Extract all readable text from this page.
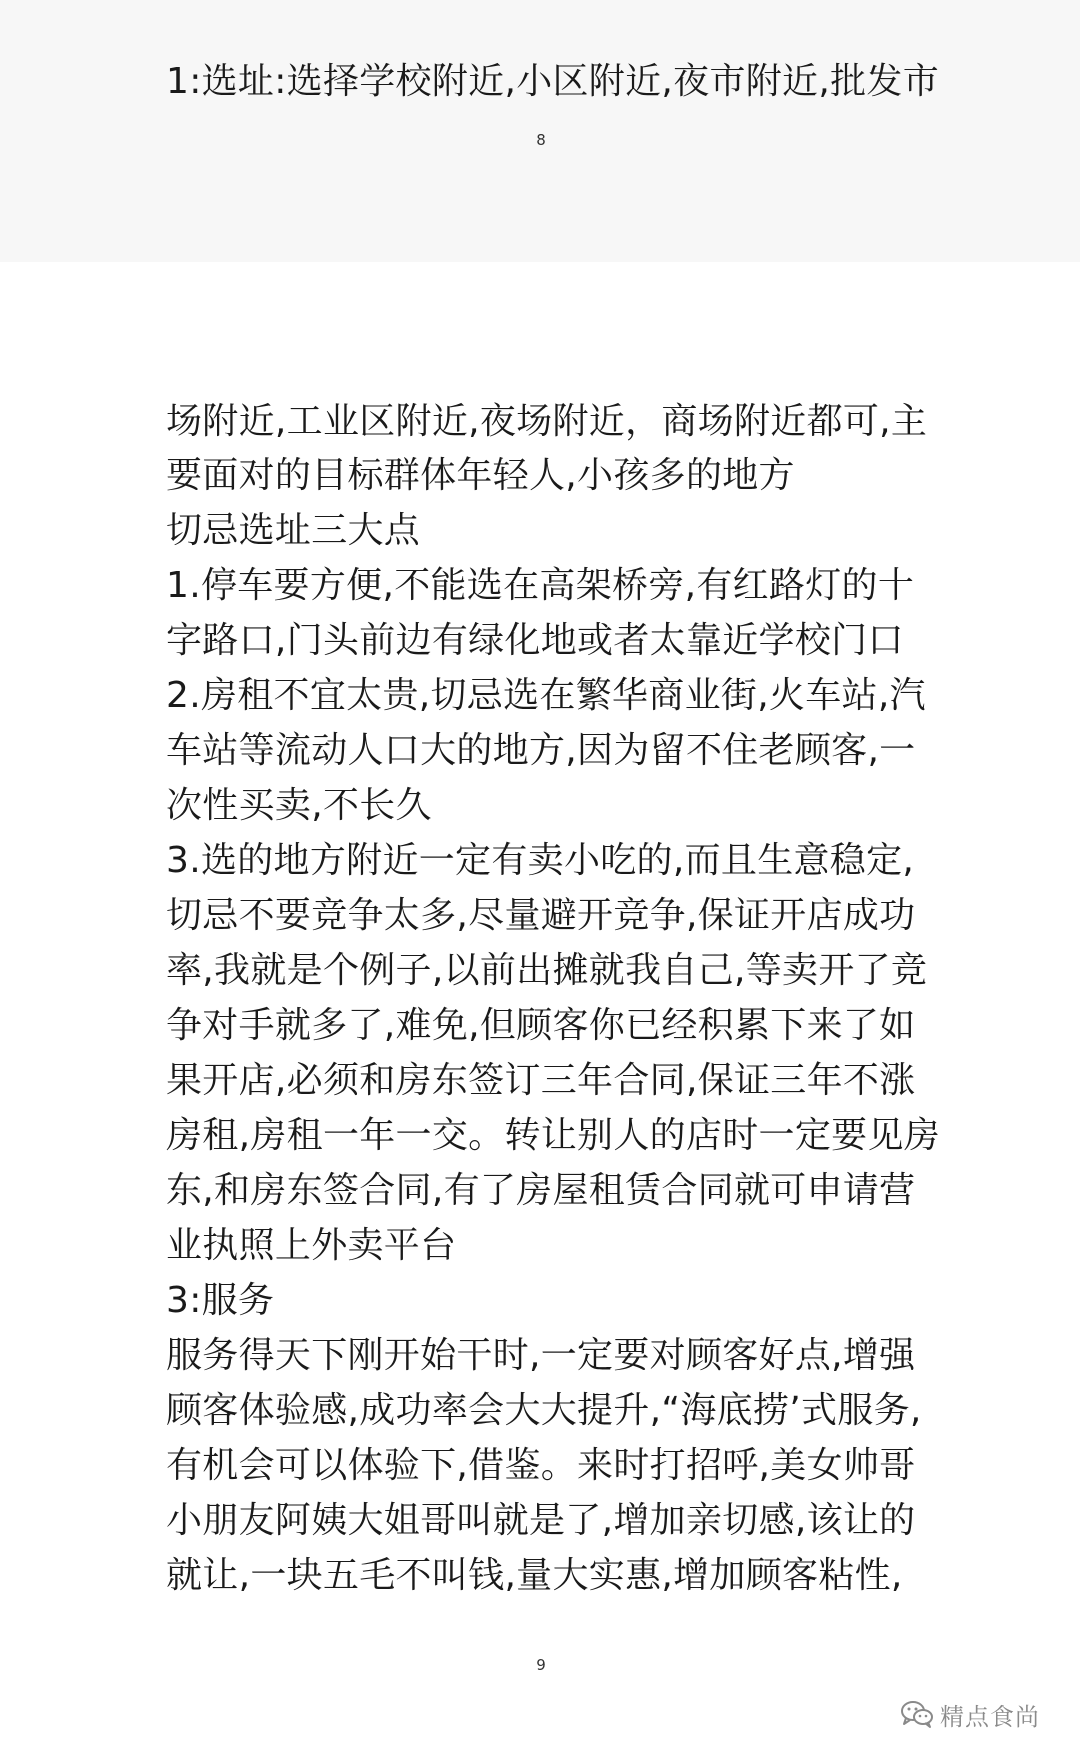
1:选址:选择学校附近,小区附近,夜市附近,批发市

8

场附近,工业区附近,夜场附近，商场附近都可,主

要面对的目标群体年轻人,小孩多的地方

切忌选址三大点

1.停车要方便,不能选在高架桥旁,有红路灯的十

字路口,门头前边有绿化地或者太靠近学校门口

2.房租不宜太贵,切忌选在繁华商业街,火车站,汽

车站等流动人口大的地方,因为留不住老顾客,一

次性买卖,不长久

3.选的地方附近一定有卖小吃的,而且生意稳定,

切忌不要竞争太多,尽量避开竞争,保证开店成功

率,我就是个例子,以前出摊就我自己,等卖开了竞

争对手就多了,难免,但顾客你已经积累下来了如

果开店,必须和房东签订三年合同,保证三年不涨

房租,房租一年一交。转让别人的店时一定要见房

东,和房东签合同,有了房屋租赁合同就可申请营

业执照上外卖平台

3:服务

服务得天下刚开始干时,一定要对顾客好点,增强

顾客体验感,成功率会大大提升,“海底捞’式服务,

有机会可以体验下,借鉴。来时打招呼,美女帅哥

小朋友阿姨大姐哥叫就是了,增加亲切感,该让的

就让,一块五毛不叫钱,量大实惠,增加顾客粘性,

9
精点食尚
